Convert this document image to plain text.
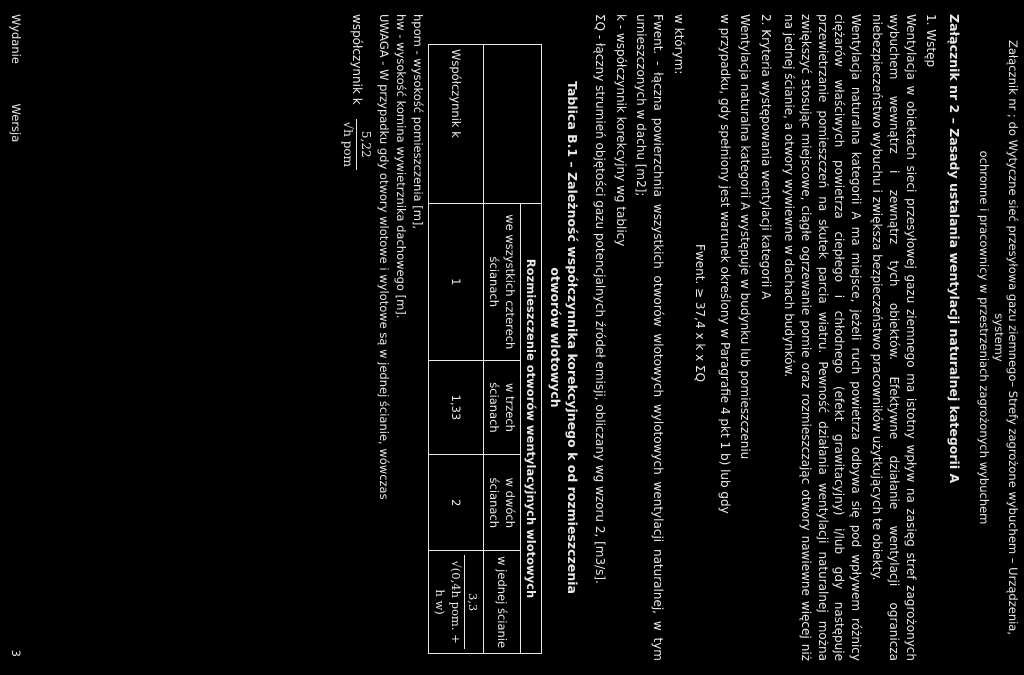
Załącznik nr ; do Wytyczne sieć przesyłowa gazu ziemnego– Strefy zagrożone wybuchem – Urządzenia, systemy
ochronne i pracownicy w przestrzeniach zagrożonych wybuchem
Załącznik nr 2 – Zasady ustalania wentylacji naturalnej kategorii A

1. Wstęp

Wentylacja w obiektach sieci przesyłowej gazu ziemnego ma istotny wpływ na zasięg stref zagrożonych wybuchem wewnątrz i zewnątrz tych obiektów. Efektywne działanie wentylacji ogranicza niebezpieczeństwo wybuchu i zwiększa bezpieczeństwo pracowników użytkujących te obiekty.

Wentylacja naturalna kategorii A ma miejsce, jeżeli ruch powietrza odbywa się pod wpływem różnicy ciężarów właściwych powietrza ciepłego i chłodnego (efekt grawitacyjny) i/lub gdy następuje przewietrzanie pomieszczeń na skutek parcia wiatru. Pewność działania wentylacji naturalnej można zwiększyć stosując miejscowe, ciągłe ogrzewanie pomie oraz rozmieszczając otwory nawiewne więcej niż na jednej ścianie, a otwory wywiewne w dachach budynków.

2. Kryteria występowania wentylacji kategorii A

Wentylacja naturalna kategorii A występuje w budynku lub pomieszczeniu

w przypadku, gdy spełniony jest warunek określony w Paragrafie 4 pkt 1 b) lub gdy

Fwent. ≥ 37,4 x k x ΣQ

w którym:

Fwent. - łączna powierzchnia wszystkich otworów wlotowych wylotowych wentylacji naturalnej, w tym umieszczonych w dachu [m2];

k - współczynnik korekcyjny wg tablicy

ΣQ - łączny strumień objętości gazu potencjalnych źródeł emisji, obliczany wg wzoru 2, [m3/s].

Tablica B.1 – Zależność współczynnika korekcyjnego k od rozmieszczenia otworów wlotowych
	Rozmieszczenie otworów wentylacyjnych wlotowych			
	we wszystkich czterech ścianach	w trzech ścianach	w dwóch ścianach	w jednej ścianie
Współczynnik k	1	1,33	2	3,3
√(0,4h pom. + h w)
hpom - wysokość pomieszczenia [m],
hw - wysokość komina wywietrznika dachowego [m].
UWAGA - W przypadku gdy otwory wlotowe i wylotowe są w jednej ścianie, wówczas
współczynnik k
5,22
√h pom
Wydanie Wersja
3
